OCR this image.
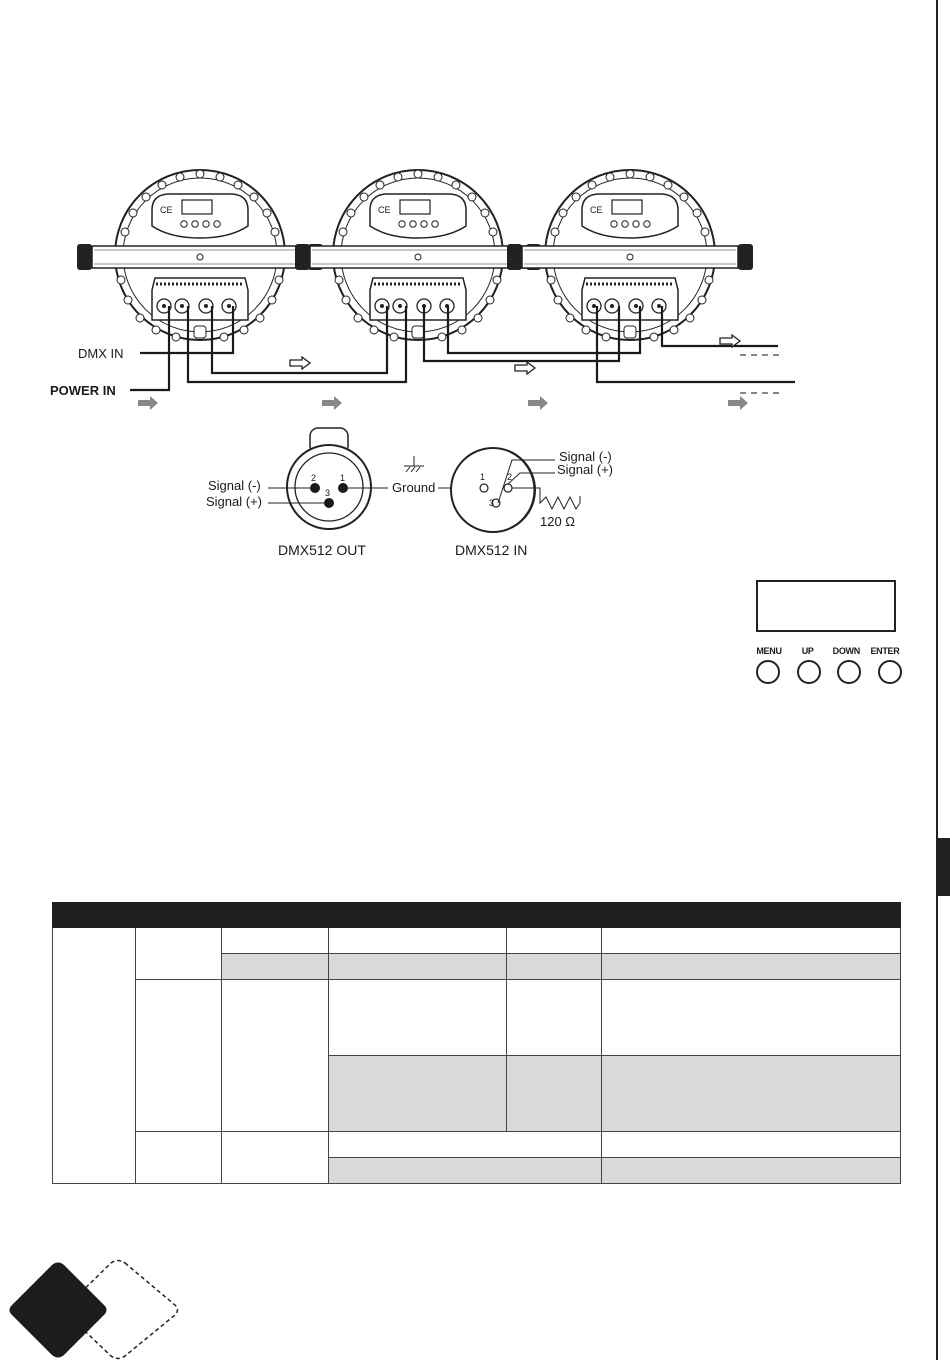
DMX IN
POWER IN
2	1
3
Signal (-)
Signal (+)
DMX512 OUT
Ground
1 2
3
Signal (-)
Signal (+)
120 Ω
DMX512 IN
MENU	UP	DOWN	ENTER
